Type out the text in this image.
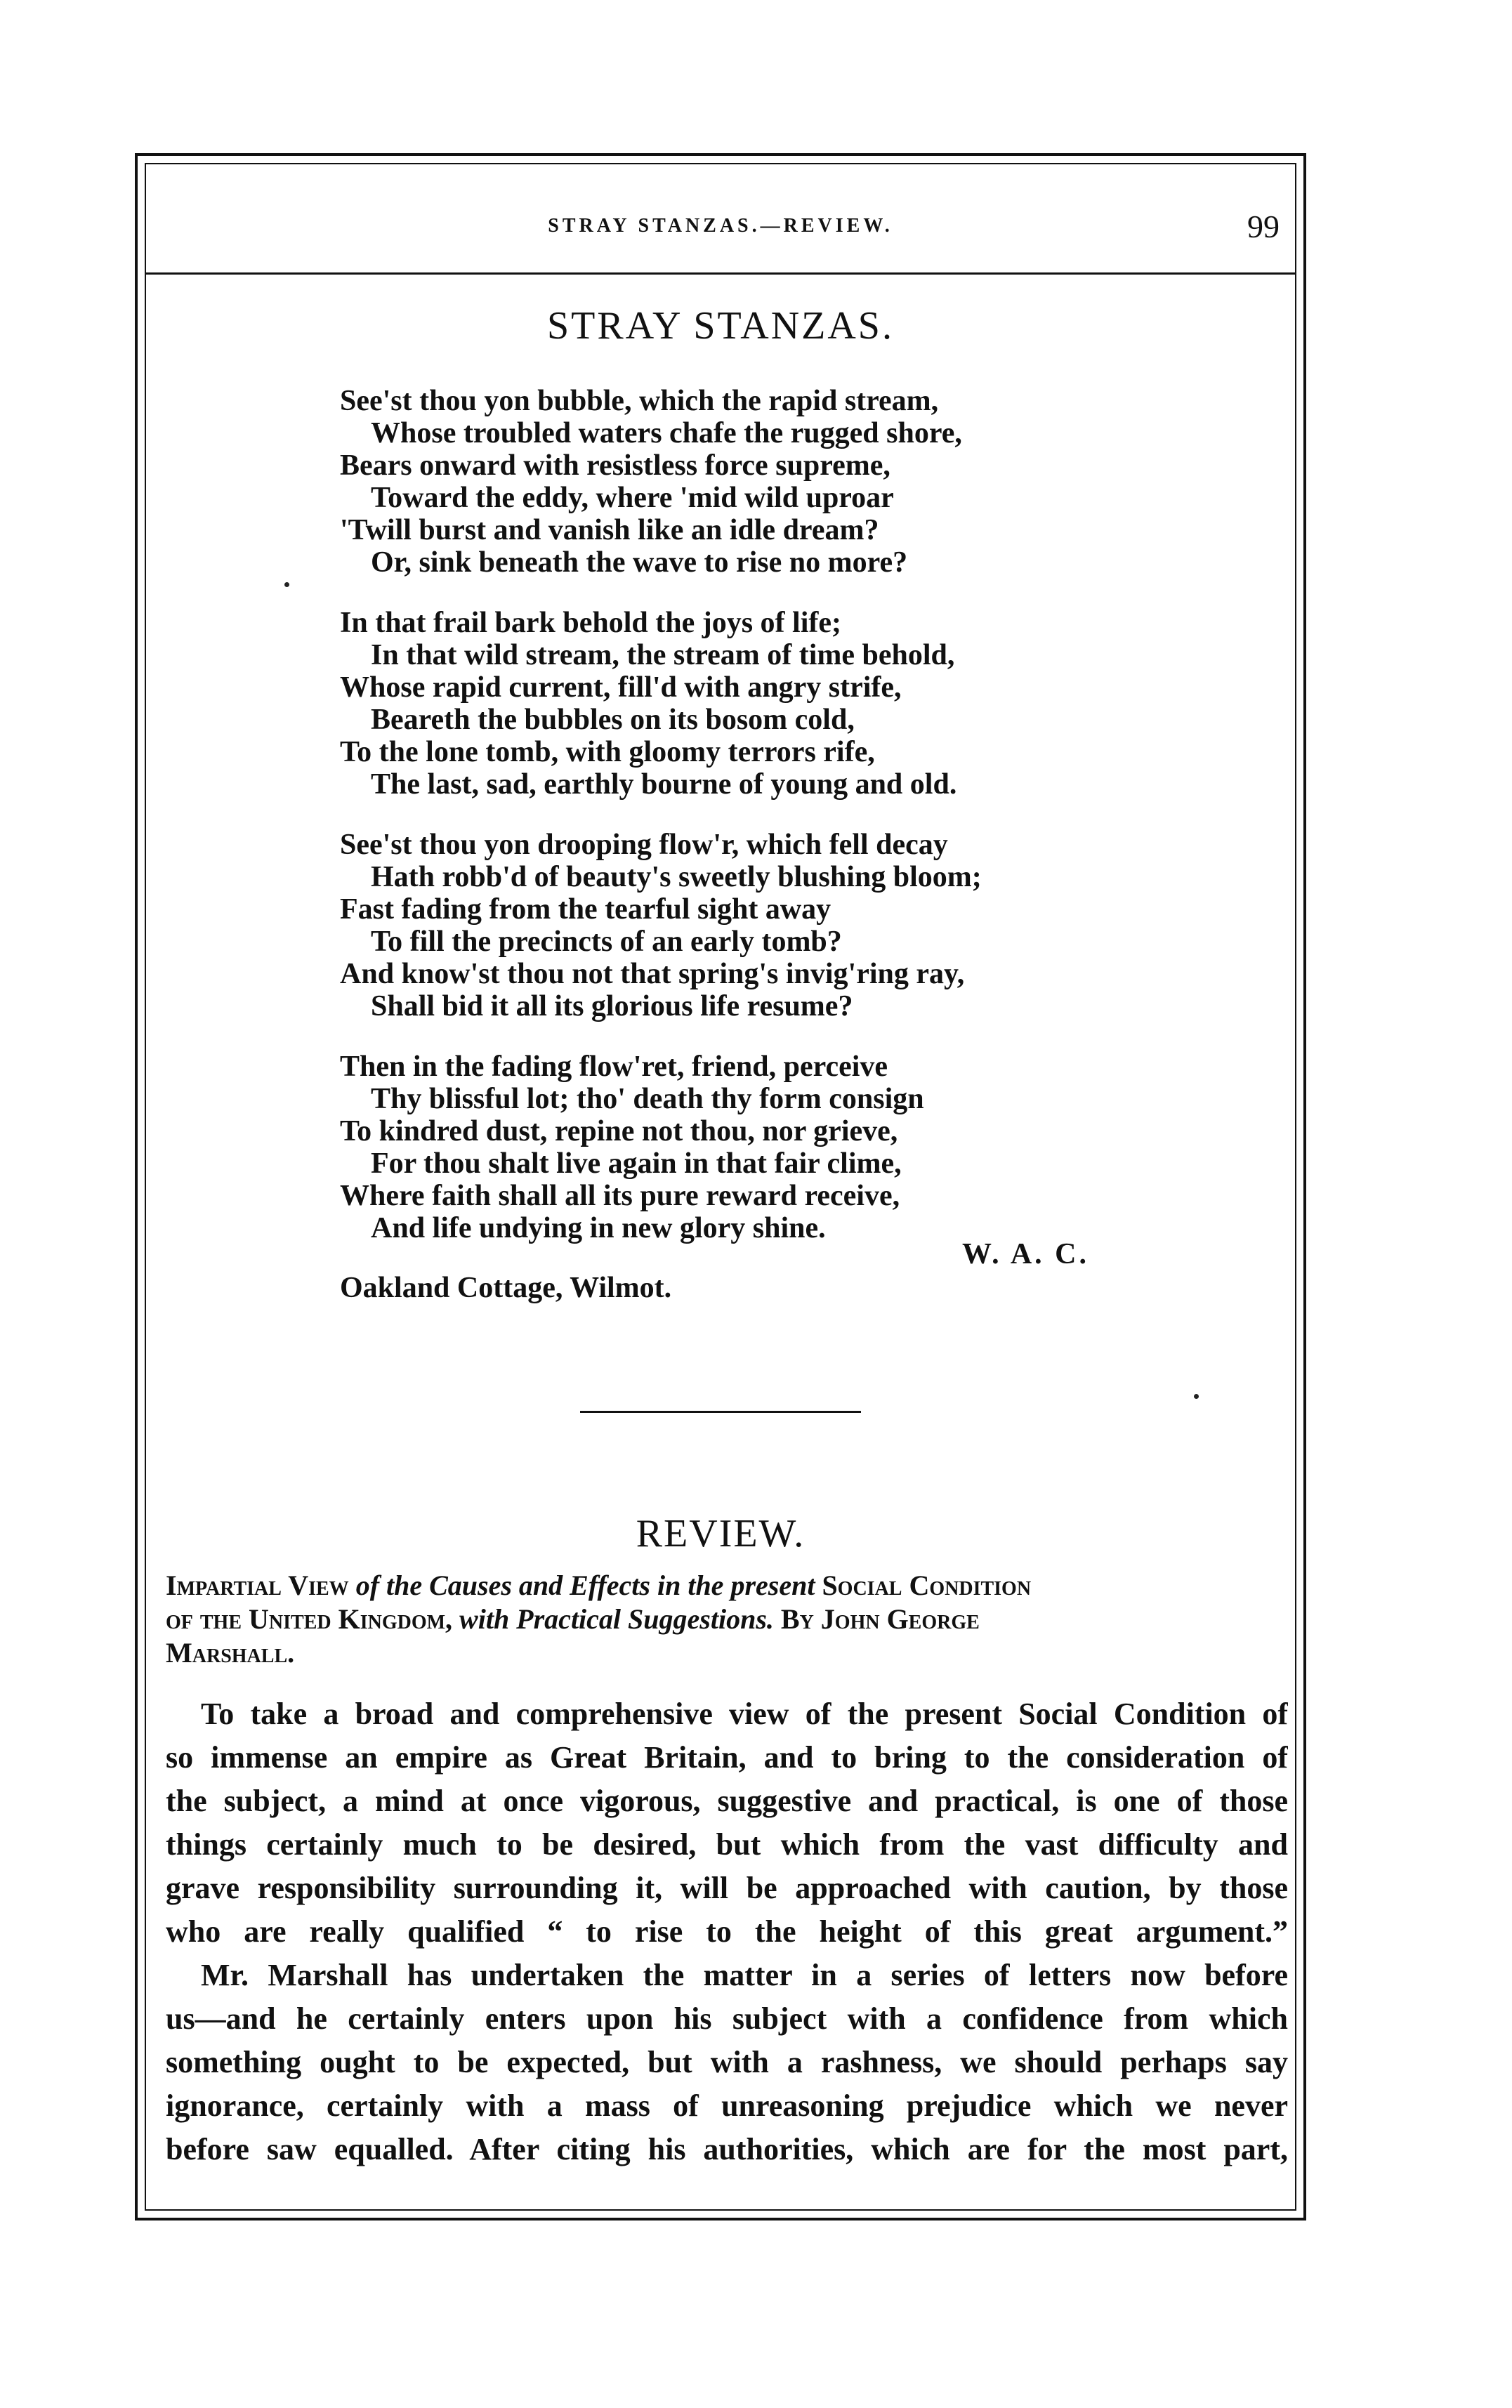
STRAY STANZAS.—REVIEW.	99
STRAY STANZAS.
See'st thou yon bubble, which the rapid stream,
Whose troubled waters chafe the rugged shore,
Bears onward with resistless force supreme,
Toward the eddy, where 'mid wild uproar
'Twill burst and vanish like an idle dream?
Or, sink beneath the wave to rise no more?
In that frail bark behold the joys of life;
In that wild stream, the stream of time behold,
Whose rapid current, fill'd with angry strife,
Beareth the bubbles on its bosom cold,
To the lone tomb, with gloomy terrors rife,
The last, sad, earthly bourne of young and old.
See'st thou yon drooping flow'r, which fell decay
Hath robb'd of beauty's sweetly blushing bloom;
Fast fading from the tearful sight away
To fill the precincts of an early tomb?
And know'st thou not that spring's invig'ring ray,
Shall bid it all its glorious life resume?
Then in the fading flow'ret, friend, perceive
Thy blissful lot; tho' death thy form consign
To kindred dust, repine not thou, nor grieve,
For thou shalt live again in that fair clime,
Where faith shall all its pure reward receive,
And life undying in new glory shine.
W. A. C.
Oakland Cottage, Wilmot.
REVIEW.
Impartial View of the Causes and Effects in the present Social Condition
of the United Kingdom, with Practical Suggestions. By John George
Marshall.
To take a broad and comprehensive view of the present Social Condition of
so immense an empire as Great Britain, and to bring to the consideration of
the subject, a mind at once vigorous, suggestive and practical, is one of those
things certainly much to be desired, but which from the vast difficulty and
grave responsibility surrounding it, will be approached with caution, by those
who are really qualified “ to rise to the height of this great argument.”
Mr. Marshall has undertaken the matter in a series of letters now before
us—and he certainly enters upon his subject with a confidence from which
something ought to be expected, but with a rashness, we should perhaps say
ignorance, certainly with a mass of unreasoning prejudice which we never
before saw equalled. After citing his authorities, which are for the most part,
